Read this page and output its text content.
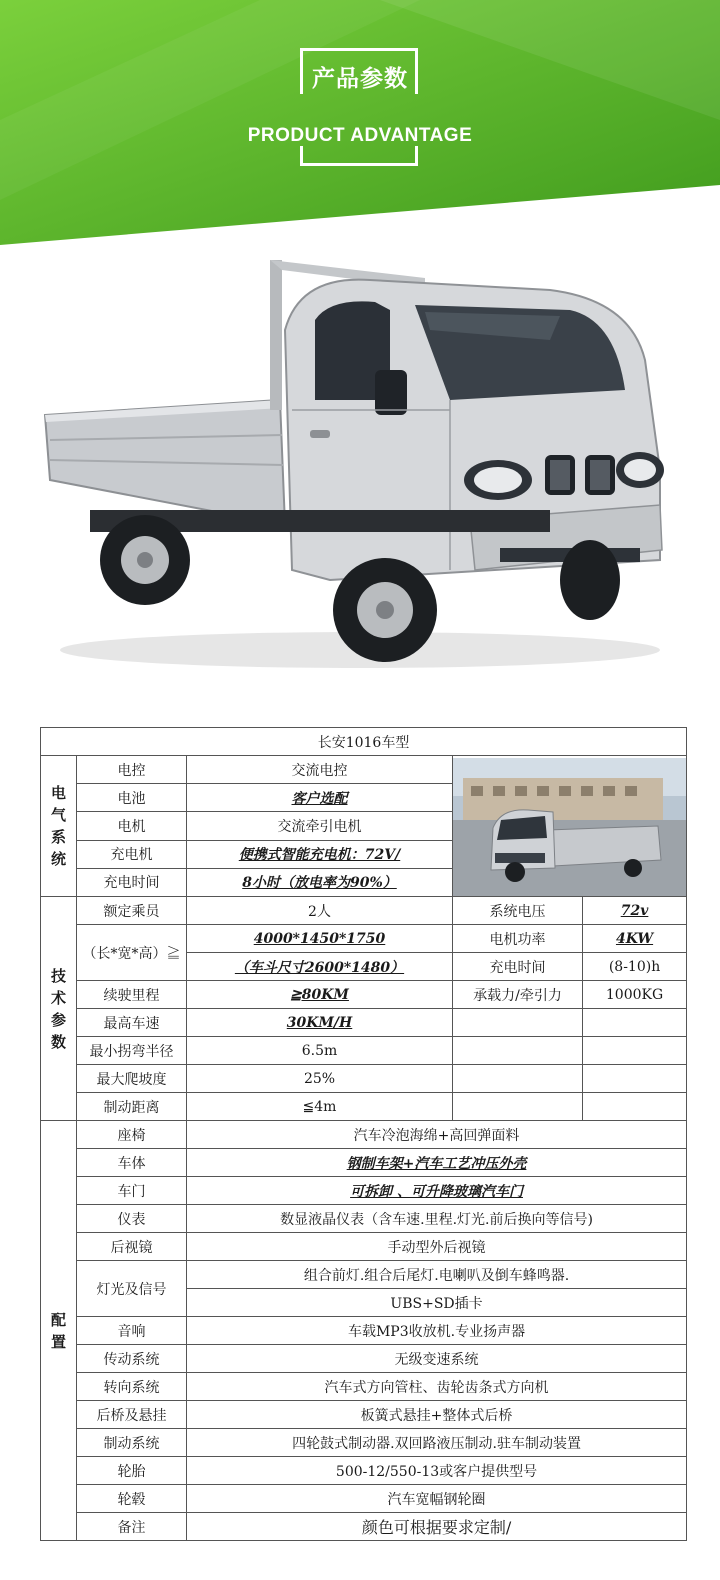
产品参数
PRODUCT ADVANTAGE
长安1016车型				
电气系统	电控	交流电控	

	电池	客户选配		
	电机	交流牵引电机		
	充电机	便携式智能充电机：72V/		
	充电时间	8小时（放电率为90%）		
技术参数	额定乘员	2人	系统电压	72v
	（长*宽*高）≧	4000*1450*1750	电机功率	4KW
		（车斗尺寸2600*1480）	充电时间	(8-10)h
	续驶里程	≧80KM	承载力/牵引力	1000KG
	最高车速	30KM/H		
	最小拐弯半径	6.5m		
	最大爬坡度	25%		
	制动距离	≦4m		
配置	座椅	汽车冷泡海绵+高回弹面料		
	车体	钢制车架+汽车工艺冲压外壳		
	车门	可拆卸 、可升降玻璃汽车门		
	仪表	数显液晶仪表（含车速.里程.灯光.前后换向等信号)		
	后视镜	手动型外后视镜		
	灯光及信号	组合前灯.组合后尾灯.电喇叭及倒车蜂鸣器.		
		UBS+SD插卡		
	音响	车载MP3收放机.专业扬声器		
	传动系统	无级变速系统		
	转向系统	汽车式方向管柱、齿轮齿条式方向机		
	后桥及悬挂	板簧式悬挂+整体式后桥		
	制动系统	四轮鼓式制动器.双回路液压制动.驻车制动装置		
	轮胎	500-12/550-13或客户提供型号		
	轮毂	汽车宽幅钢轮圈		
	备注	颜色可根据要求定制/		
